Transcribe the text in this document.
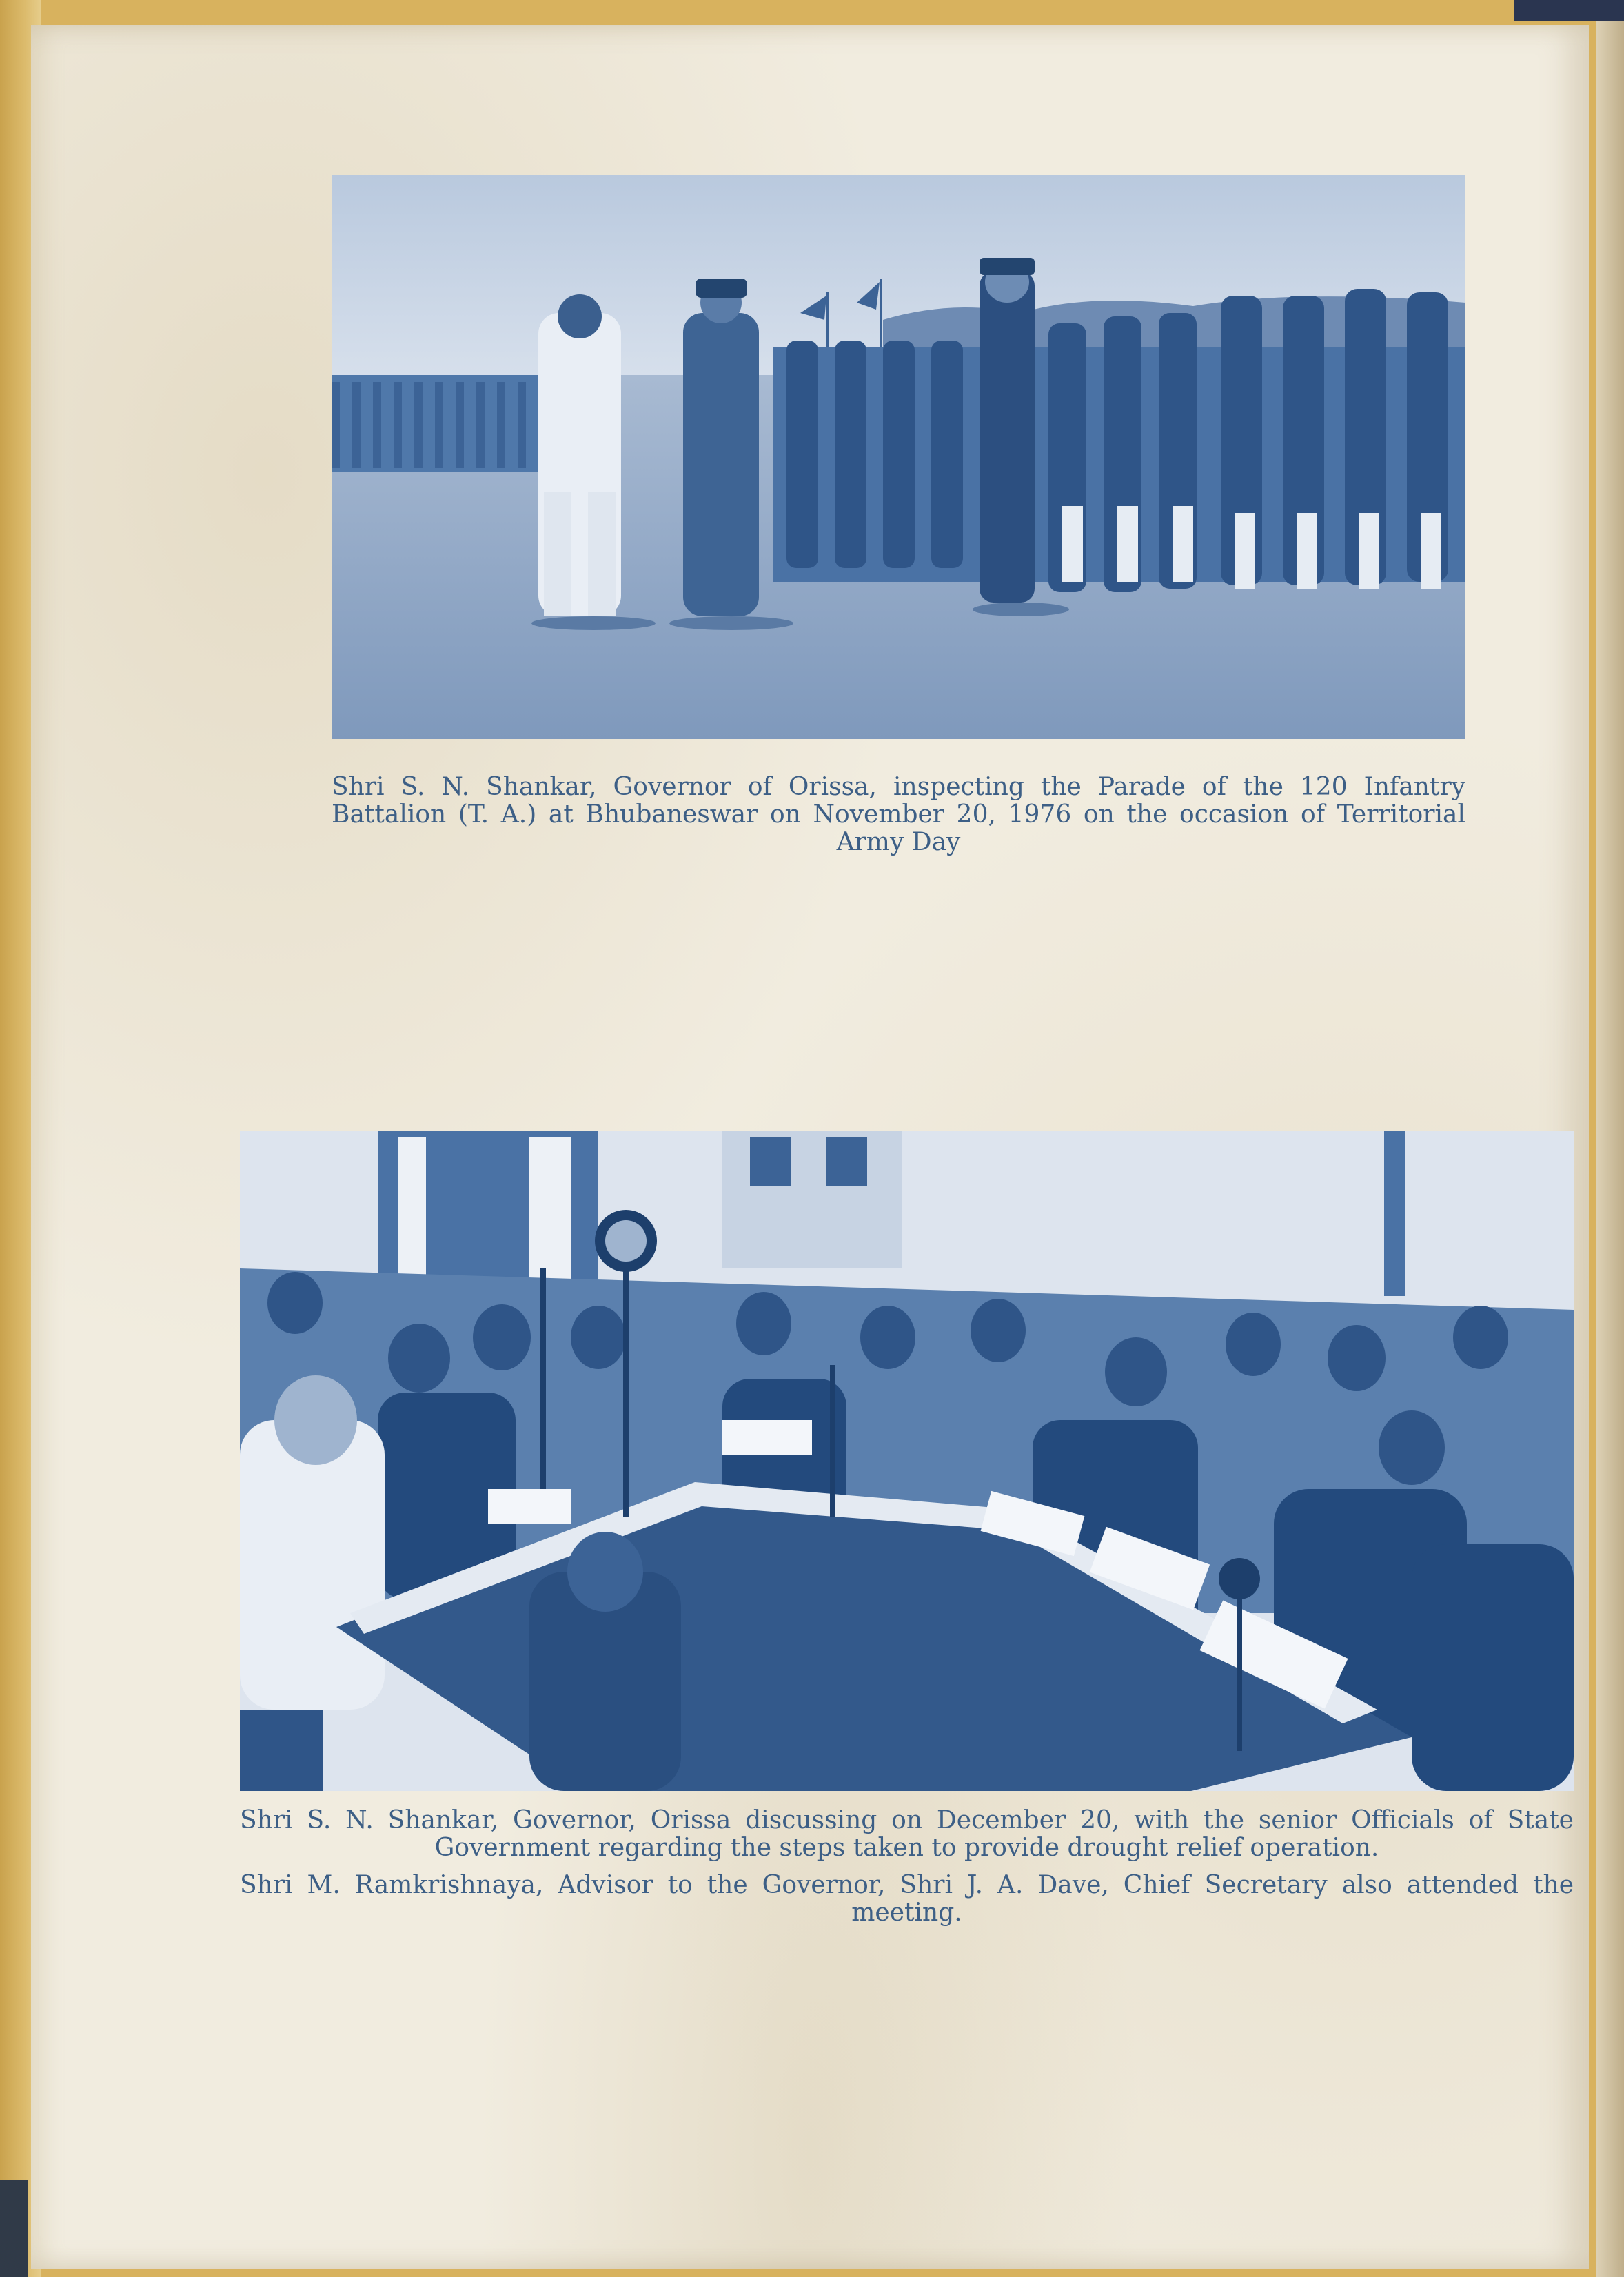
Shri S. N. Shankar, Governor of Orissa, inspecting the Parade of the 120 Infantry Battalion (T. A.) at Bhubaneswar on November 20, 1976 on the occasion of Territorial Army Day

Shri S. N. Shankar, Governor, Orissa discussing on December 20, with the senior Officials of State Government regarding the steps taken to provide drought relief operation.

Shri M. Ramkrishnaya, Advisor to the Governor, Shri J. A. Dave, Chief Secretary also attended the meeting.
